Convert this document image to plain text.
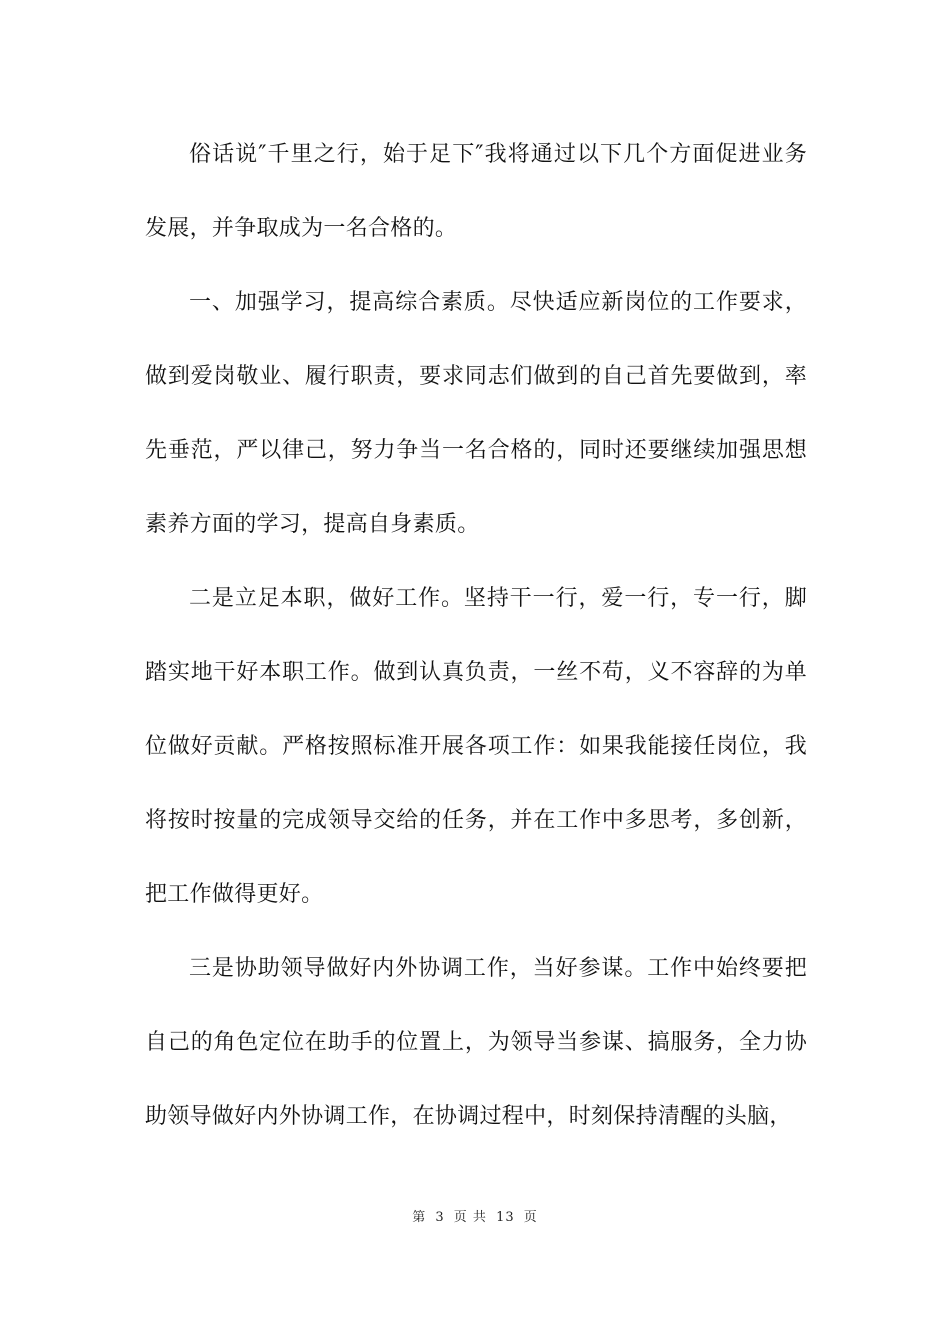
俗话说″千里之行，始于足下″我将通过以下几个方面促进业务发展，并争取成为一名合格的。

一、加强学习，提高综合素质。尽快适应新岗位的工作要求，做到爱岗敬业、履行职责，要求同志们做到的自己首先要做到，率先垂范，严以律己，努力争当一名合格的，同时还要继续加强思想素养方面的学习，提高自身素质。

二是立足本职，做好工作。坚持干一行，爱一行，专一行，脚踏实地干好本职工作。做到认真负责，一丝不苟，义不容辞的为单位做好贡献。严格按照标准开展各项工作：如果我能接任岗位，我将按时按量的完成领导交给的任务，并在工作中多思考，多创新，把工作做得更好。

三是协助领导做好内外协调工作，当好参谋。工作中始终要把自己的角色定位在助手的位置上，为领导当参谋、搞服务，全力协助领导做好内外协调工作，在协调过程中，时刻保持清醒的头脑，

第 3 页 共 13 页
